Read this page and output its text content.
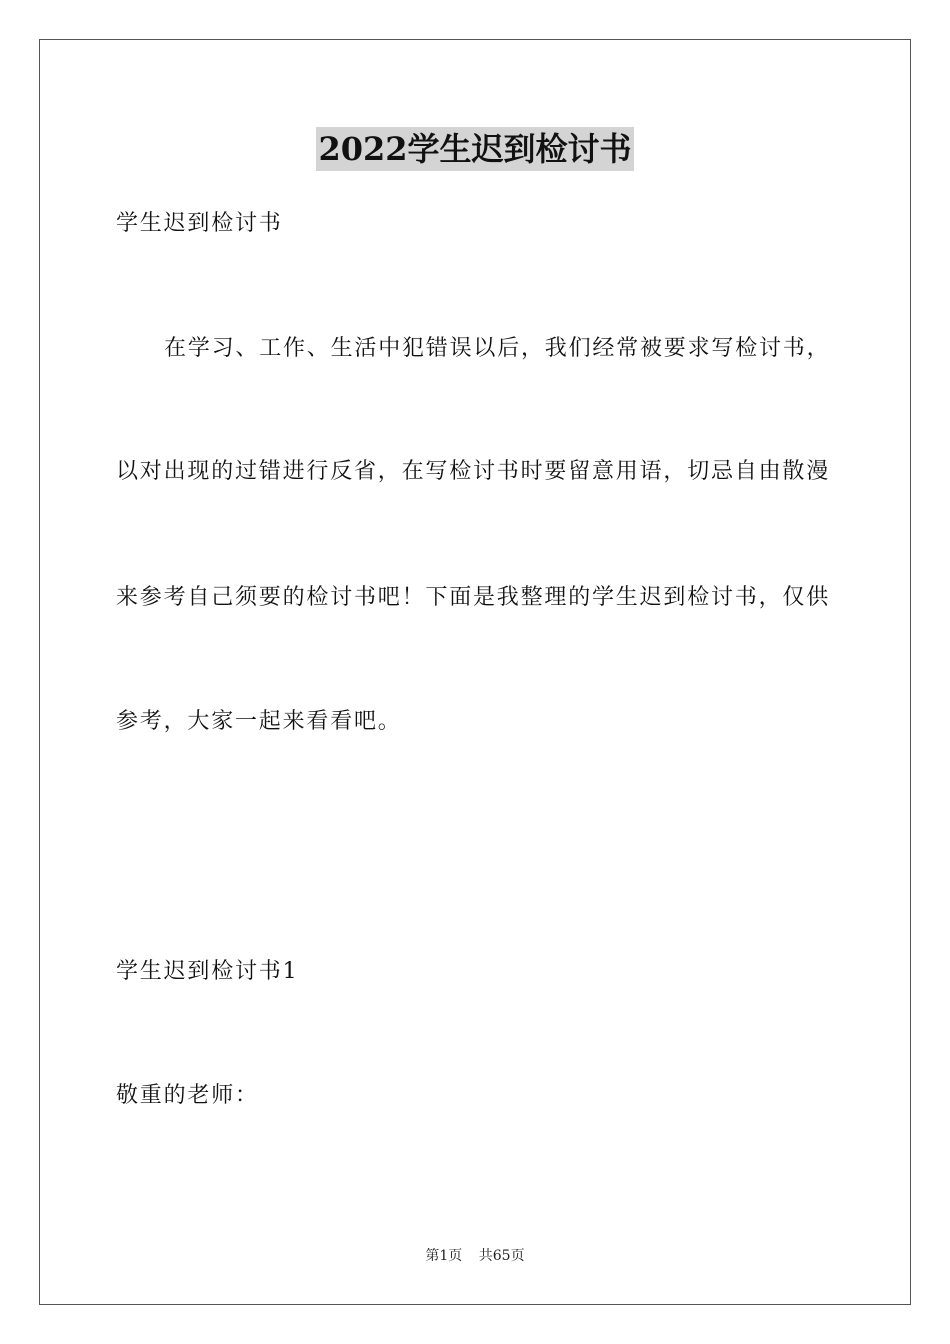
2022学生迟到检讨书
学生迟到检讨书
在学习、工作、生活中犯错误以后，我们经常被要求写检讨书，
以对出现的过错进行反省，在写检讨书时要留意用语，切忌自由散漫
来参考自己须要的检讨书吧！下面是我整理的学生迟到检讨书，仅供
参考，大家一起来看看吧。
学生迟到检讨书1
敬重的老师：
第1页 共65页
